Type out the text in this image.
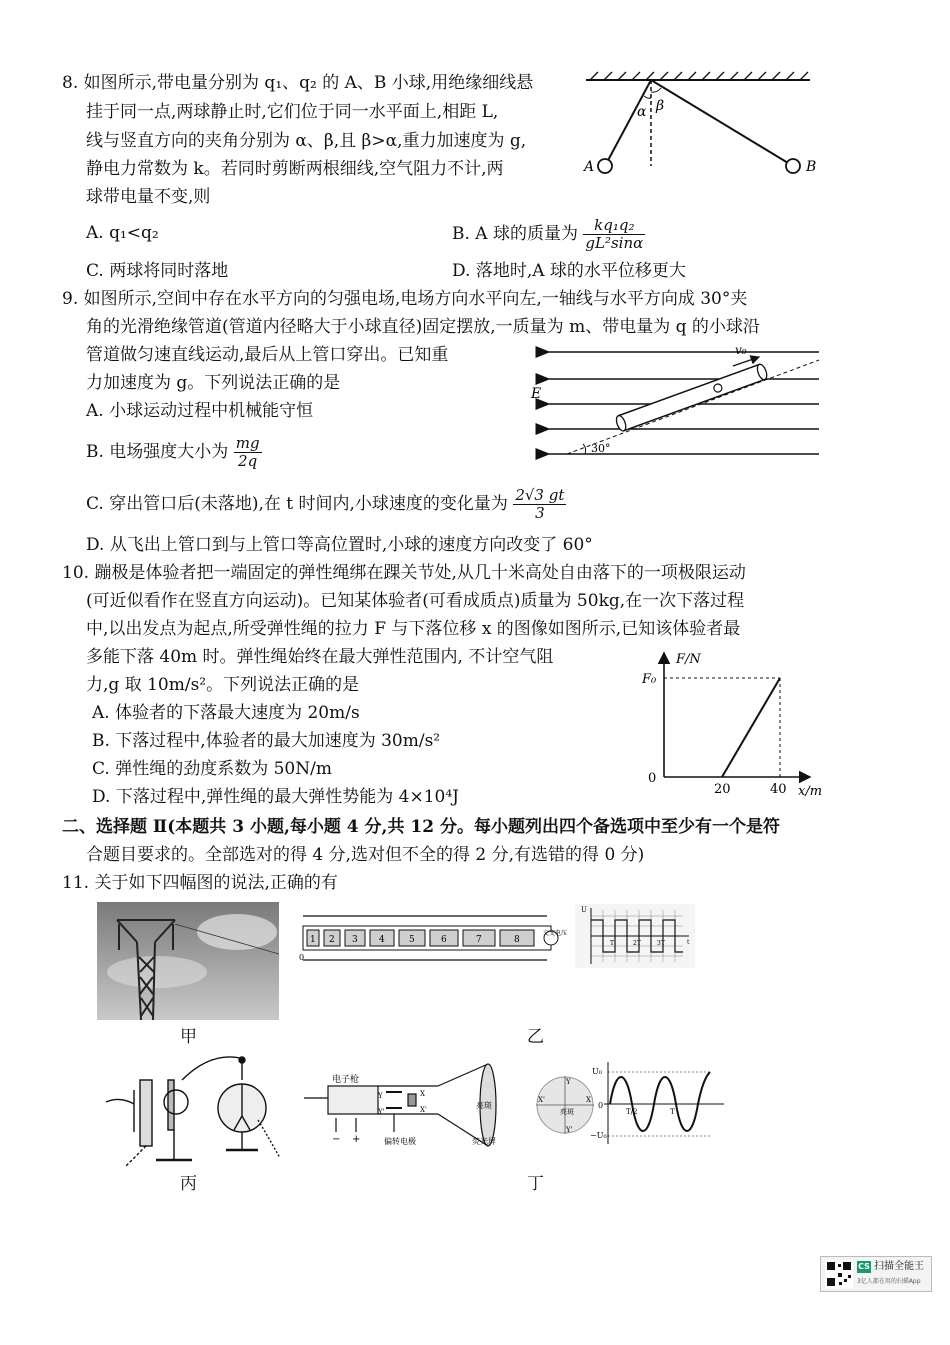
8. 如图所示,带电量分别为 q₁、q₂ 的 A、B 小球,用绝缘细线悬
挂于同一点,两球静止时,它们位于同一水平面上,相距 L,
线与竖直方向的夹角分别为 α、β,且 β>α,重力加速度为 g,
静电力常数为 k。若同时剪断两根细线,空气阻力不计,两
球带电量不变,则
A. q₁<q₂	B. A 球的质量为 $\frac{\text{kq₁q₂}}{\text{gL²sinα}}$
C. 两球将同时落地	D. 落地时,A 球的水平位移更大
α β
A	B
9. 如图所示,空间中存在水平方向的匀强电场,电场方向水平向左,一轴线与水平方向成 30°夹
角的光滑绝缘管道(管道内径略大于小球直径)固定摆放,一质量为 m、带电量为 q 的小球沿
管道做匀速直线运动,最后从上管口穿出。已知重
力加速度为 g。下列说法正确的是
A. 小球运动过程中机械能守恒
B. 电场强度大小为 $\frac{mg}{2q}$
C. 穿出管口后(未落地),在 t 时间内,小球速度的变化量为 $\frac{2√3 gt}{3}$
D. 从飞出上管口到与上管口等高位置时,小球的速度方向改变了 60°
E
v₀
30°
10. 蹦极是体验者把一端固定的弹性绳绑在踝关节处,从几十米高处自由落下的一项极限运动
(可近似看作在竖直方向运动)。已知某体验者(可看成质点)质量为 50kg,在一次下落过程
中,以出发点为起点,所受弹性绳的拉力 F 与下落位移 x 的图像如图所示,已知该体验者最
多能下落 40m 时。弹性绳始终在最大弹性范围内, 不计空气阻
力,g 取 10m/s²。下列说法正确的是
A. 体验者的下落最大速度为 20m/s
B. 下落过程中,体验者的最大加速度为 30m/s²
C. 弹性绳的劲度系数为 50N/m
D. 下落过程中,弹性绳的最大弹性势能为 4×10⁴J
F/N
F₀
0
20	40 x/m
二、选择题 Ⅱ(本题共 3 小题,每小题 4 分,共 12 分。每小题列出四个备选项中至少有一个是符
合题目要求的。全部选对的得 4 分,选对但不全的得 2 分,有选错的得 0 分)
11. 关于如下四幅图的说法,正确的有
甲
1 2 3 4	5	6	7	8
0
交变电压
U
T	2T	3T	t
乙
丙
电子枪
偏转电极	荧光屏
亮斑
Y
Y'
X
X'
− +
Y
Y'
X'	X
亮斑
U₀
−U₀
0
T/2	T
丁
CS 扫描全能王
3亿人都在用的扫描App
